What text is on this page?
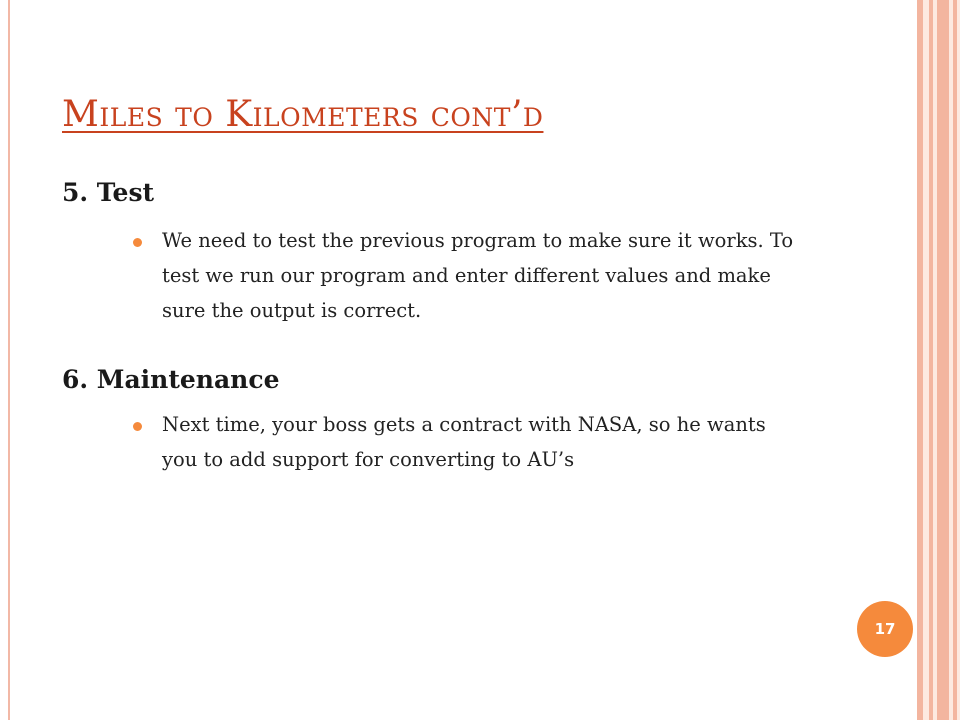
Miles to Kilometers cont’d
5. Test

We need to test the previous program to make sure it works. To test we run our program and enter different values and make sure the output is correct.

6. Maintenance

Next time, your boss gets a contract with NASA, so he wants you to add support for converting to AU’s

17
